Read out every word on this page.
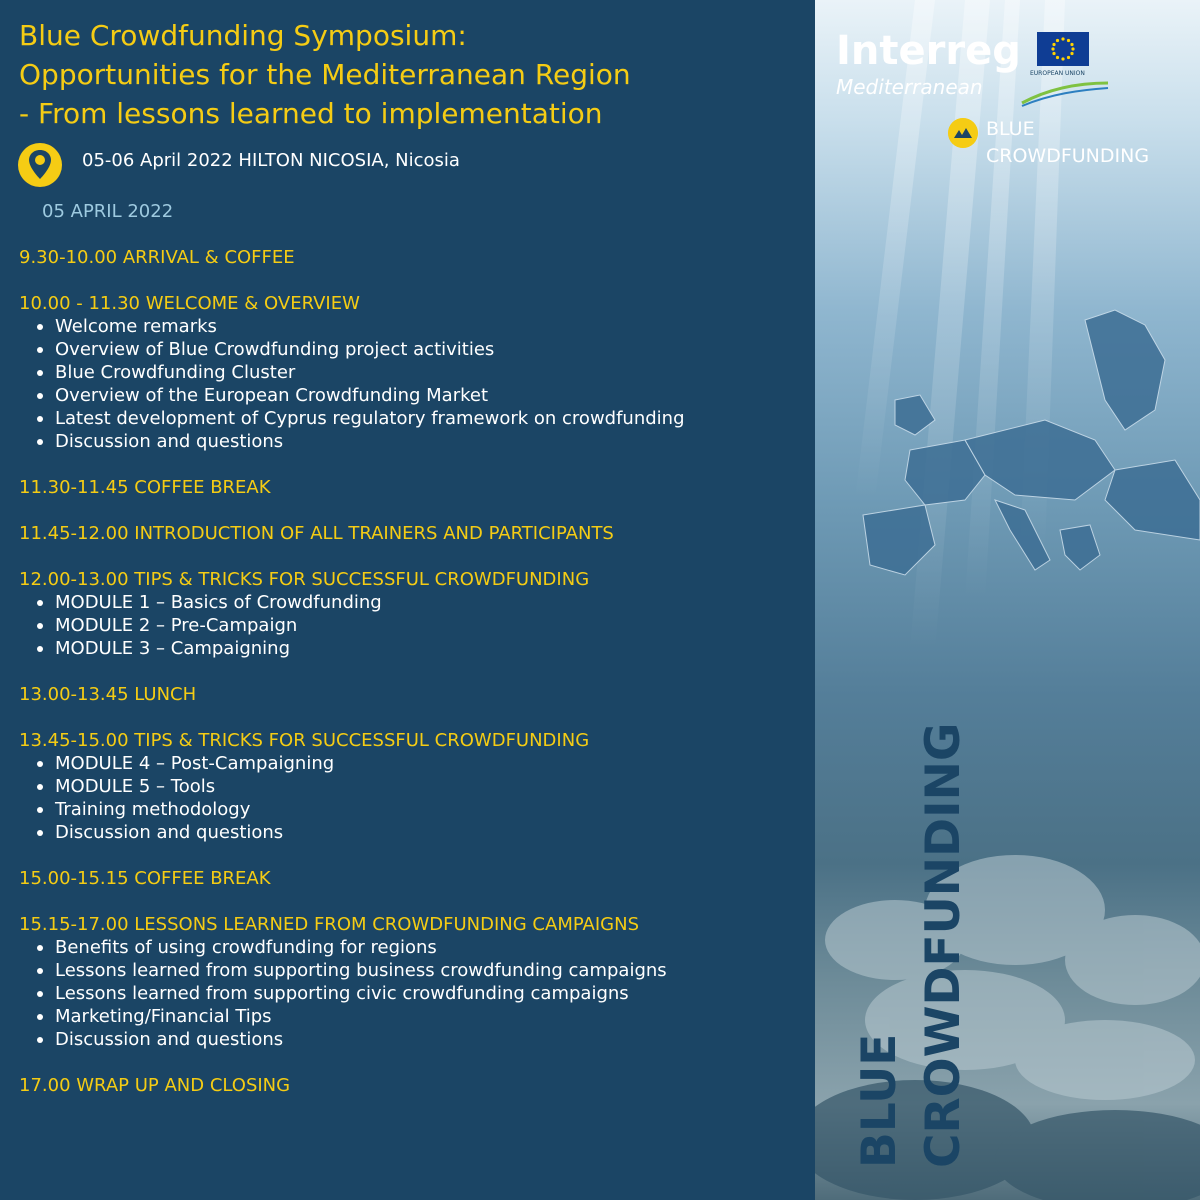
Blue Crowdfunding Symposium:
Opportunities for the Mediterranean Region
- From lessons learned to implementation
05-06 April 2022 HILTON NICOSIA, Nicosia
05 APRIL 2022
9.30-10.00 ARRIVAL & COFFEE
10.00 - 11.30 WELCOME & OVERVIEW
Welcome remarks
Overview of Blue Crowdfunding project activities
Blue Crowdfunding Cluster
Overview of the European Crowdfunding Market
Latest development of Cyprus regulatory framework on crowdfunding
Discussion and questions
11.30-11.45 COFFEE BREAK
11.45-12.00 INTRODUCTION OF ALL TRAINERS AND PARTICIPANTS
12.00-13.00 TIPS & TRICKS FOR SUCCESSFUL CROWDFUNDING
MODULE 1 – Basics of Crowdfunding
MODULE 2 – Pre-Campaign
MODULE 3 – Campaigning
13.00-13.45 LUNCH
13.45-15.00 TIPS & TRICKS FOR SUCCESSFUL CROWDFUNDING
MODULE 4 – Post-Campaigning
MODULE 5 – Tools
Training methodology
Discussion and questions
15.00-15.15 COFFEE BREAK
15.15-17.00 LESSONS LEARNED FROM CROWDFUNDING CAMPAIGNS
Benefits of using crowdfunding for regions
Lessons learned from supporting business crowdfunding campaigns
Lessons learned from supporting civic crowdfunding campaigns
Marketing/Financial Tips
Discussion and questions
17.00 WRAP UP AND CLOSING
Interreg EUROPEAN UNION
Mediterranean
BLUE
CROWDFUNDING
BLUE CROWDFUNDING
